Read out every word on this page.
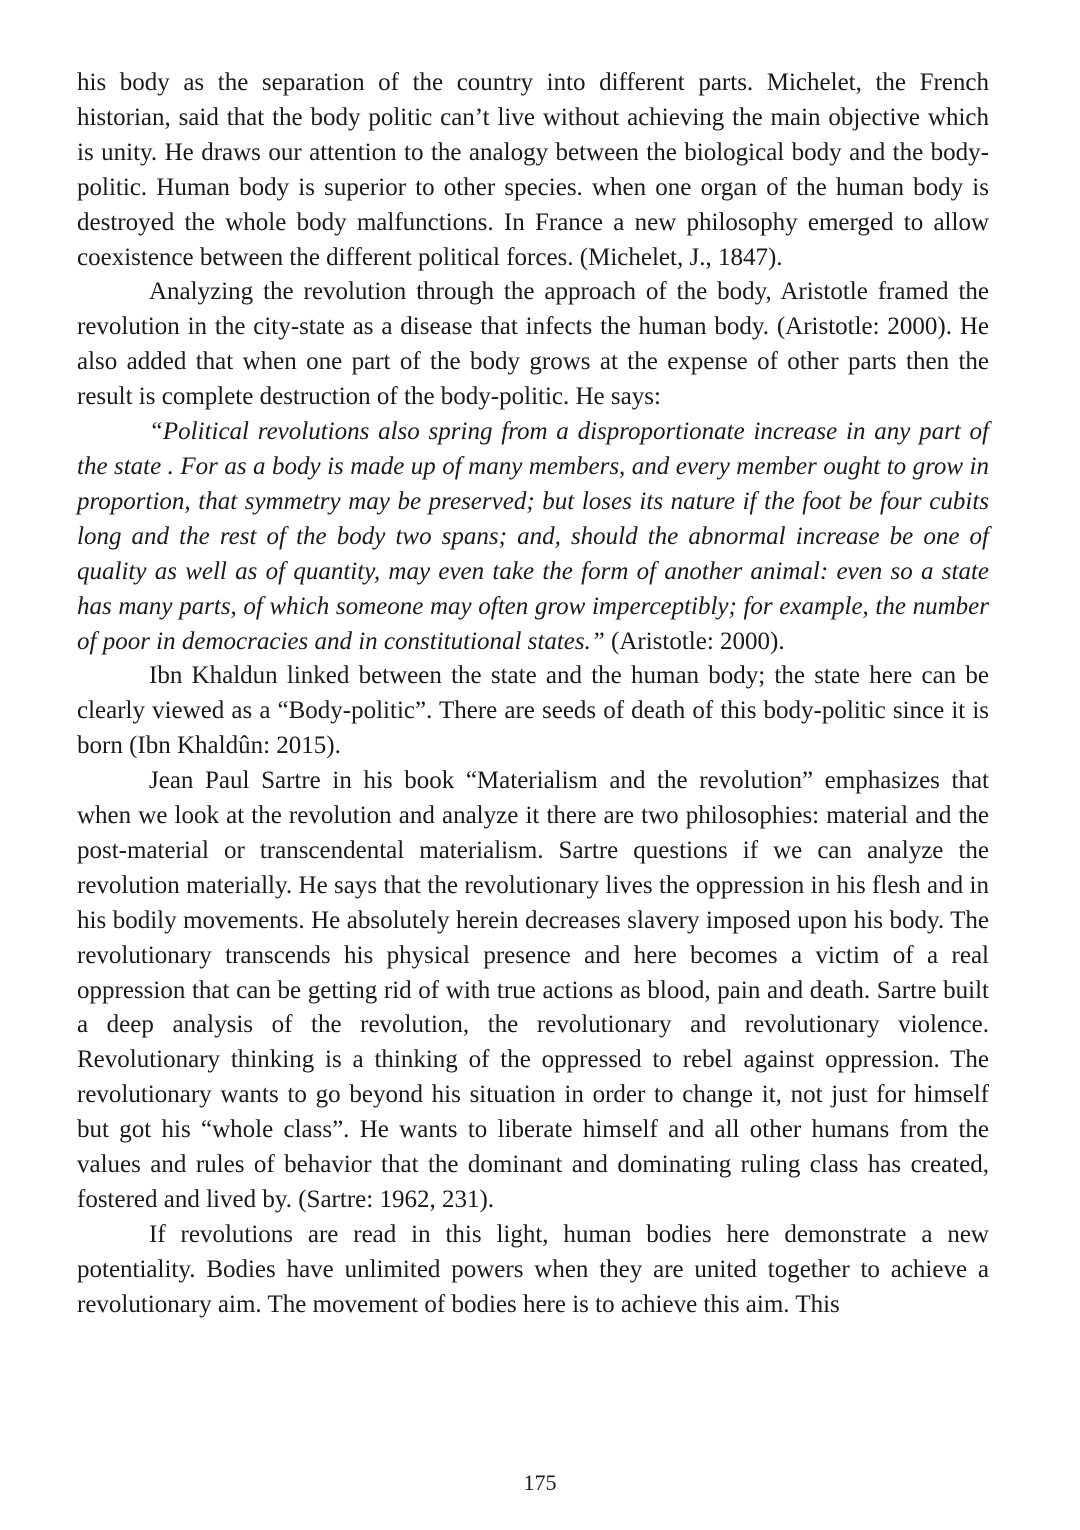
his body as the separation of the country into different parts. Michelet, the French historian, said that the body politic can’t live without achieving the main objective which is unity. He draws our attention to the analogy between the biological body and the body-politic. Human body is superior to other species. when one organ of the human body is destroyed the whole body malfunctions. In France a new philosophy emerged to allow coexistence between the different political forces. (Michelet, J., 1847).

Analyzing the revolution through the approach of the body, Aristotle framed the revolution in the city-state as a disease that infects the human body. (Aristotle: 2000). He also added that when one part of the body grows at the expense of other parts then the result is complete destruction of the body-politic. He says:

“Political revolutions also spring from a disproportionate increase in any part of the state . For as a body is made up of many members, and every member ought to grow in proportion, that symmetry may be preserved; but loses its nature if the foot be four cubits long and the rest of the body two spans; and, should the abnormal increase be one of quality as well as of quantity, may even take the form of another animal: even so a state has many parts, of which someone may often grow imperceptibly; for example, the number of poor in democracies and in constitutional states.” (Aristotle: 2000).

Ibn Khaldun linked between the state and the human body; the state here can be clearly viewed as a “Body-politic”. There are seeds of death of this body-politic since it is born (Ibn Khaldûn: 2015).

Jean Paul Sartre in his book “Materialism and the revolution” emphasizes that when we look at the revolution and analyze it there are two philosophies: material and the post-material or transcendental materialism. Sartre questions if we can analyze the revolution materially. He says that the revolutionary lives the oppression in his flesh and in his bodily movements. He absolutely herein decreases slavery imposed upon his body. The revolutionary transcends his physical presence and here becomes a victim of a real oppression that can be getting rid of with true actions as blood, pain and death. Sartre built a deep analysis of the revolution, the revolutionary and revolutionary violence. Revolutionary thinking is a thinking of the oppressed to rebel against oppression. The revolutionary wants to go beyond his situation in order to change it, not just for himself but got his “whole class”. He wants to liberate himself and all other humans from the values and rules of behavior that the dominant and dominating ruling class has created, fostered and lived by. (Sartre: 1962, 231).

If revolutions are read in this light, human bodies here demonstrate a new potentiality. Bodies have unlimited powers when they are united together to achieve a revolutionary aim. The movement of bodies here is to achieve this aim. This

175
